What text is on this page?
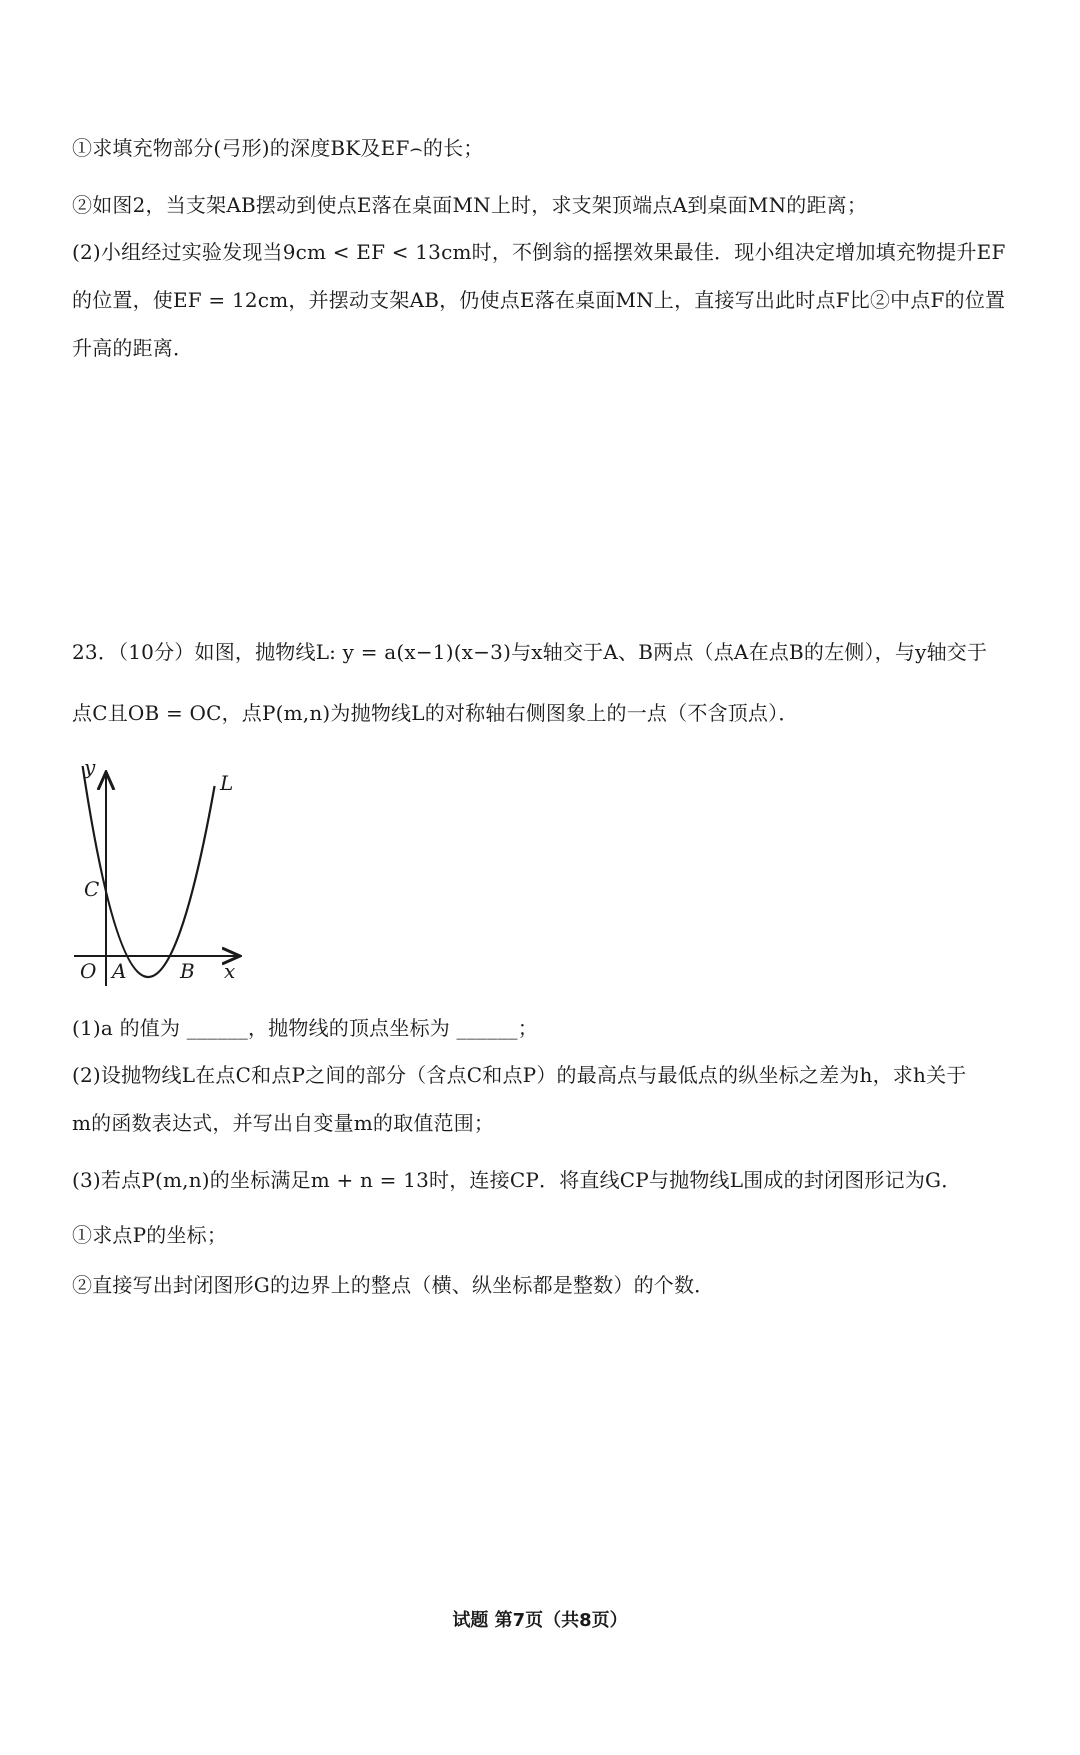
①求填充物部分(弓形)的深度BK及EF⌢的长；
②如图2，当支架AB摆动到使点E落在桌面MN上时，求支架顶端点A到桌面MN的距离；
(2)小组经过实验发现当9cm < EF < 13cm时，不倒翁的摇摆效果最佳．现小组决定增加填充物提升EF的位置，使EF = 12cm，并摆动支架AB，仍使点E落在桌面MN上，直接写出此时点F比②中点F的位置升高的距离．
23．（10分）如图，抛物线L: y = a(x−1)(x−3)与x轴交于A、B两点（点A在点B的左侧），与y轴交于
点C且OB = OC，点P(m,n)为抛物线L的对称轴右侧图象上的一点（不含顶点）．
y
L
C
O A	B x
(1)a 的值为 ______，抛物线的顶点坐标为 ______；
(2)设抛物线L在点C和点P之间的部分（含点C和点P）的最高点与最低点的纵坐标之差为h，求h关于
m的函数表达式，并写出自变量m的取值范围；
(3)若点P(m,n)的坐标满足m + n = 13时，连接CP．将直线CP与抛物线L围成的封闭图形记为G．
①求点P的坐标；
②直接写出封闭图形G的边界上的整点（横、纵坐标都是整数）的个数．
试题 第7页（共8页）
